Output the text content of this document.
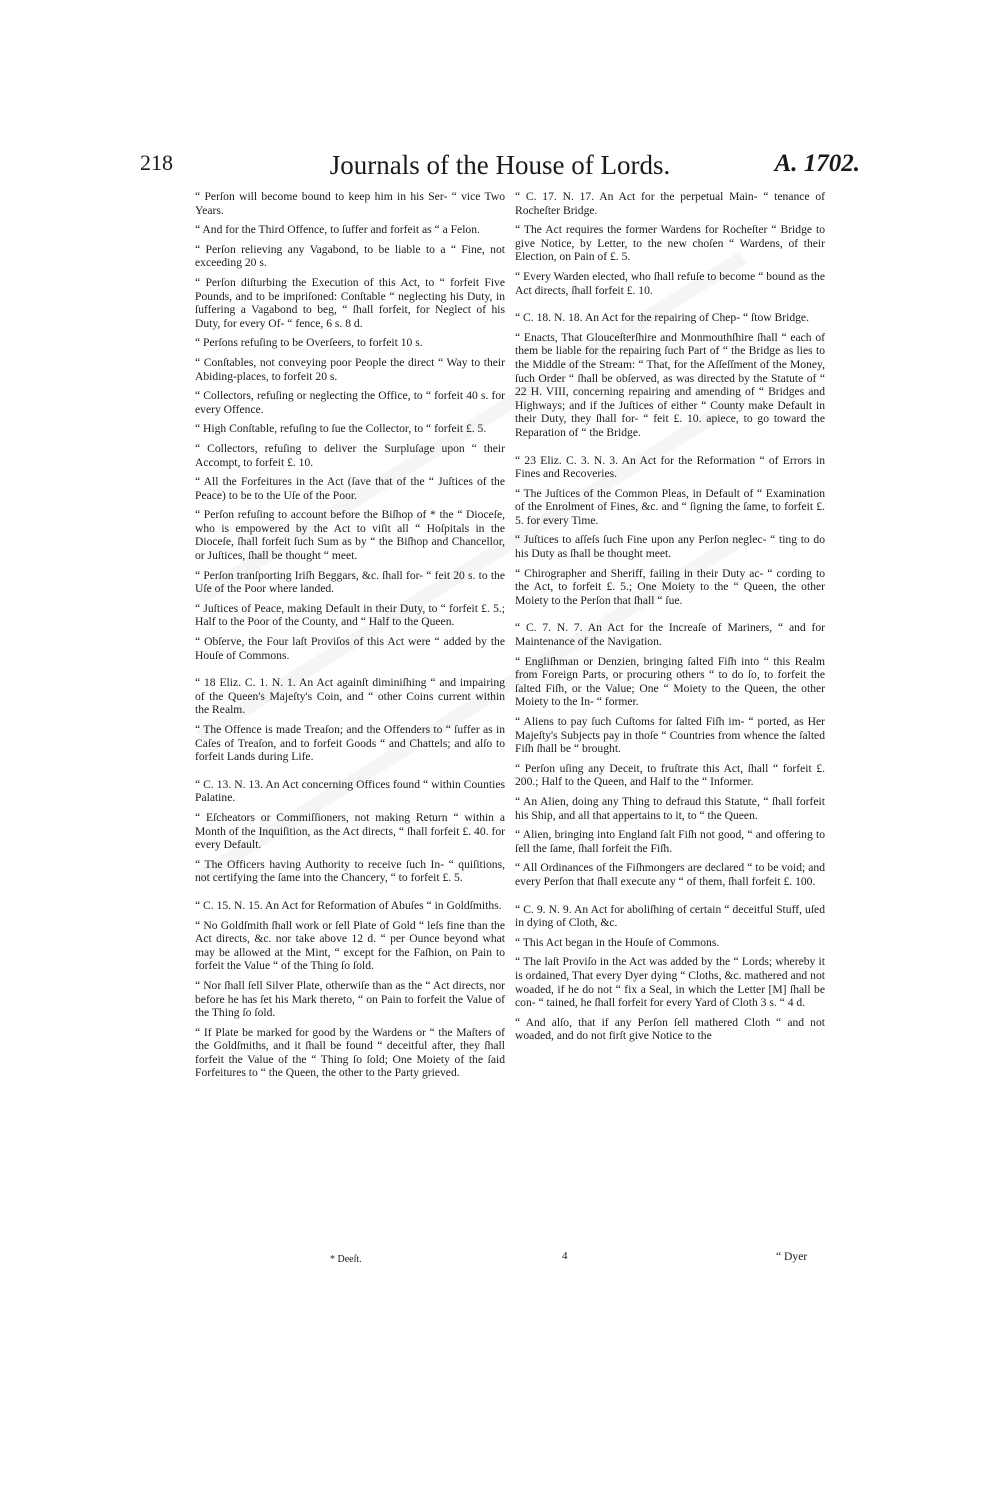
218	Journals of the House of Lords.	A. 1702.

“ Perſon will become bound to keep him in his Ser- “ vice Two Years.

“ And for the Third Offence, to ſuffer and forfeit as “ a Felon.

“ Perſon relieving any Vagabond, to be liable to a “ Fine, not exceeding 20 s.

“ Perſon diſturbing the Execution of this Act, to “ forfeit Five Pounds, and to be impriſoned: Conſtable “ neglecting his Duty, in ſuffering a Vagabond to beg, “ ſhall forfeit, for Neglect of his Duty, for every Of- “ fence, 6 s. 8 d.

“ Perſons refuſing to be Overſeers, to forfeit 10 s.

“ Conſtables, not conveying poor People the direct “ Way to their Abiding-places, to forfeit 20 s.

“ Collectors, refuſing or neglecting the Office, to “ forfeit 40 s. for every Offence.

“ High Conſtable, refuſing to ſue the Collector, to “ forfeit £. 5.

“ Collectors, refuſing to deliver the Surpluſage upon “ their Accompt, to forfeit £. 10.

“ All the Forfeitures in the Act (ſave that of the “ Juſtices of the Peace) to be to the Uſe of the Poor.

“ Perſon refuſing to account before the Biſhop of * the “ Dioceſe, who is empowered by the Act to viſit all “ Hoſpitals in the Dioceſe, ſhall forfeit ſuch Sum as by “ the Biſhop and Chancellor, or Juſtices, ſhall be thought “ meet.

“ Perſon tranſporting Iriſh Beggars, &c. ſhall for- “ feit 20 s. to the Uſe of the Poor where landed.

“ Juſtices of Peace, making Default in their Duty, to “ forfeit £. 5.; Half to the Poor of the County, and “ Half to the Queen.

“ Obſerve, the Four laſt Proviſos of this Act were “ added by the Houſe of Commons.

“ 18 Eliz. C. 1. N. 1. An Act againſt diminiſhing “ and impairing of the Queen's Majeſty's Coin, and “ other Coins current within the Realm.

“ The Offence is made Treaſon; and the Offenders to “ ſuffer as in Caſes of Treaſon, and to forfeit Goods “ and Chattels; and alſo to forfeit Lands during Life.

“ C. 13. N. 13. An Act concerning Offices found “ within Counties Palatine.

“ Eſcheators or Commiſſioners, not making Return “ within a Month of the Inquiſition, as the Act directs, “ ſhall forfeit £. 40. for every Default.

“ The Officers having Authority to receive ſuch In- “ quiſitions, not certifying the ſame into the Chancery, “ to forfeit £. 5.

“ C. 15. N. 15. An Act for Reformation of Abuſes “ in Goldſmiths.

“ No Goldſmith ſhall work or ſell Plate of Gold “ leſs fine than the Act directs, &c. nor take above 12 d. “ per Ounce beyond what may be allowed at the Mint, “ except for the Faſhion, on Pain to forfeit the Value “ of the Thing ſo ſold.

“ Nor ſhall ſell Silver Plate, otherwiſe than as the “ Act directs, nor before he has ſet his Mark thereto, “ on Pain to forfeit the Value of the Thing ſo ſold.

“ If Plate be marked for good by the Wardens or “ the Maſters of the Goldſmiths, and it ſhall be found “ deceitful after, they ſhall forfeit the Value of the “ Thing ſo ſold; One Moiety of the ſaid Forfeitures to “ the Queen, the other to the Party grieved.

“ C. 17. N. 17. An Act for the perpetual Main- “ tenance of Rocheſter Bridge.

“ The Act requires the former Wardens for Rocheſter “ Bridge to give Notice, by Letter, to the new choſen “ Wardens, of their Election, on Pain of £. 5.

“ Every Warden elected, who ſhall refuſe to become “ bound as the Act directs, ſhall forfeit £. 10.

“ C. 18. N. 18. An Act for the repairing of Chep- “ ſtow Bridge.

“ Enacts, That Glouceſterſhire and Monmouthſhire ſhall “ each of them be liable for the repairing ſuch Part of “ the Bridge as lies to the Middle of the Stream: “ That, for the Aſſeſſment of the Money, ſuch Order “ ſhall be obſerved, as was directed by the Statute of “ 22 H. VIII, concerning repairing and amending of “ Bridges and Highways; and if the Juſtices of either “ County make Default in their Duty, they ſhall for- “ feit £. 10. apiece, to go toward the Reparation of “ the Bridge.

“ 23 Eliz. C. 3. N. 3. An Act for the Reformation “ of Errors in Fines and Recoveries.

“ The Juſtices of the Common Pleas, in Default of “ Examination of the Enrolment of Fines, &c. and “ ſigning the ſame, to forfeit £. 5. for every Time.

“ Juſtices to aſſeſs ſuch Fine upon any Perſon neglec- “ ting to do his Duty as ſhall be thought meet.

“ Chirographer and Sheriff, failing in their Duty ac- “ cording to the Act, to forfeit £. 5.; One Moiety to the “ Queen, the other Moiety to the Perſon that ſhall “ ſue.

“ C. 7. N. 7. An Act for the Increaſe of Mariners, “ and for Maintenance of the Navigation.

“ Engliſhman or Denzien, bringing ſalted Fiſh into “ this Realm from Foreign Parts, or procuring others “ to do ſo, to forfeit the ſalted Fiſh, or the Value; One “ Moiety to the Queen, the other Moiety to the In- “ former.

“ Aliens to pay ſuch Cuſtoms for ſalted Fiſh im- “ ported, as Her Majeſty's Subjects pay in thoſe “ Countries from whence the ſalted Fiſh ſhall be “ brought.

“ Perſon uſing any Deceit, to fruſtrate this Act, ſhall “ forfeit £. 200.; Half to the Queen, and Half to the “ Informer.

“ An Alien, doing any Thing to defraud this Statute, “ ſhall forfeit his Ship, and all that appertains to it, to “ the Queen.

“ Alien, bringing into England ſalt Fiſh not good, “ and offering to ſell the ſame, ſhall forfeit the Fiſh.

“ All Ordinances of the Fiſhmongers are declared “ to be void; and every Perſon that ſhall execute any “ of them, ſhall forfeit £. 100.

“ C. 9. N. 9. An Act for aboliſhing of certain “ deceitful Stuff, uſed in dying of Cloth, &c.

“ This Act began in the Houſe of Commons.

“ The laſt Proviſo in the Act was added by the “ Lords; whereby it is ordained, That every Dyer dying “ Cloths, &c. mathered and not woaded, if he do not “ fix a Seal, in which the Letter [M] ſhall be con- “ tained, he ſhall forfeit for every Yard of Cloth 3 s. “ 4 d.

“ And alſo, that if any Perſon ſell mathered Cloth “ and not woaded, and do not firſt give Notice to the

* Deeſt.	4	“ Dyer
